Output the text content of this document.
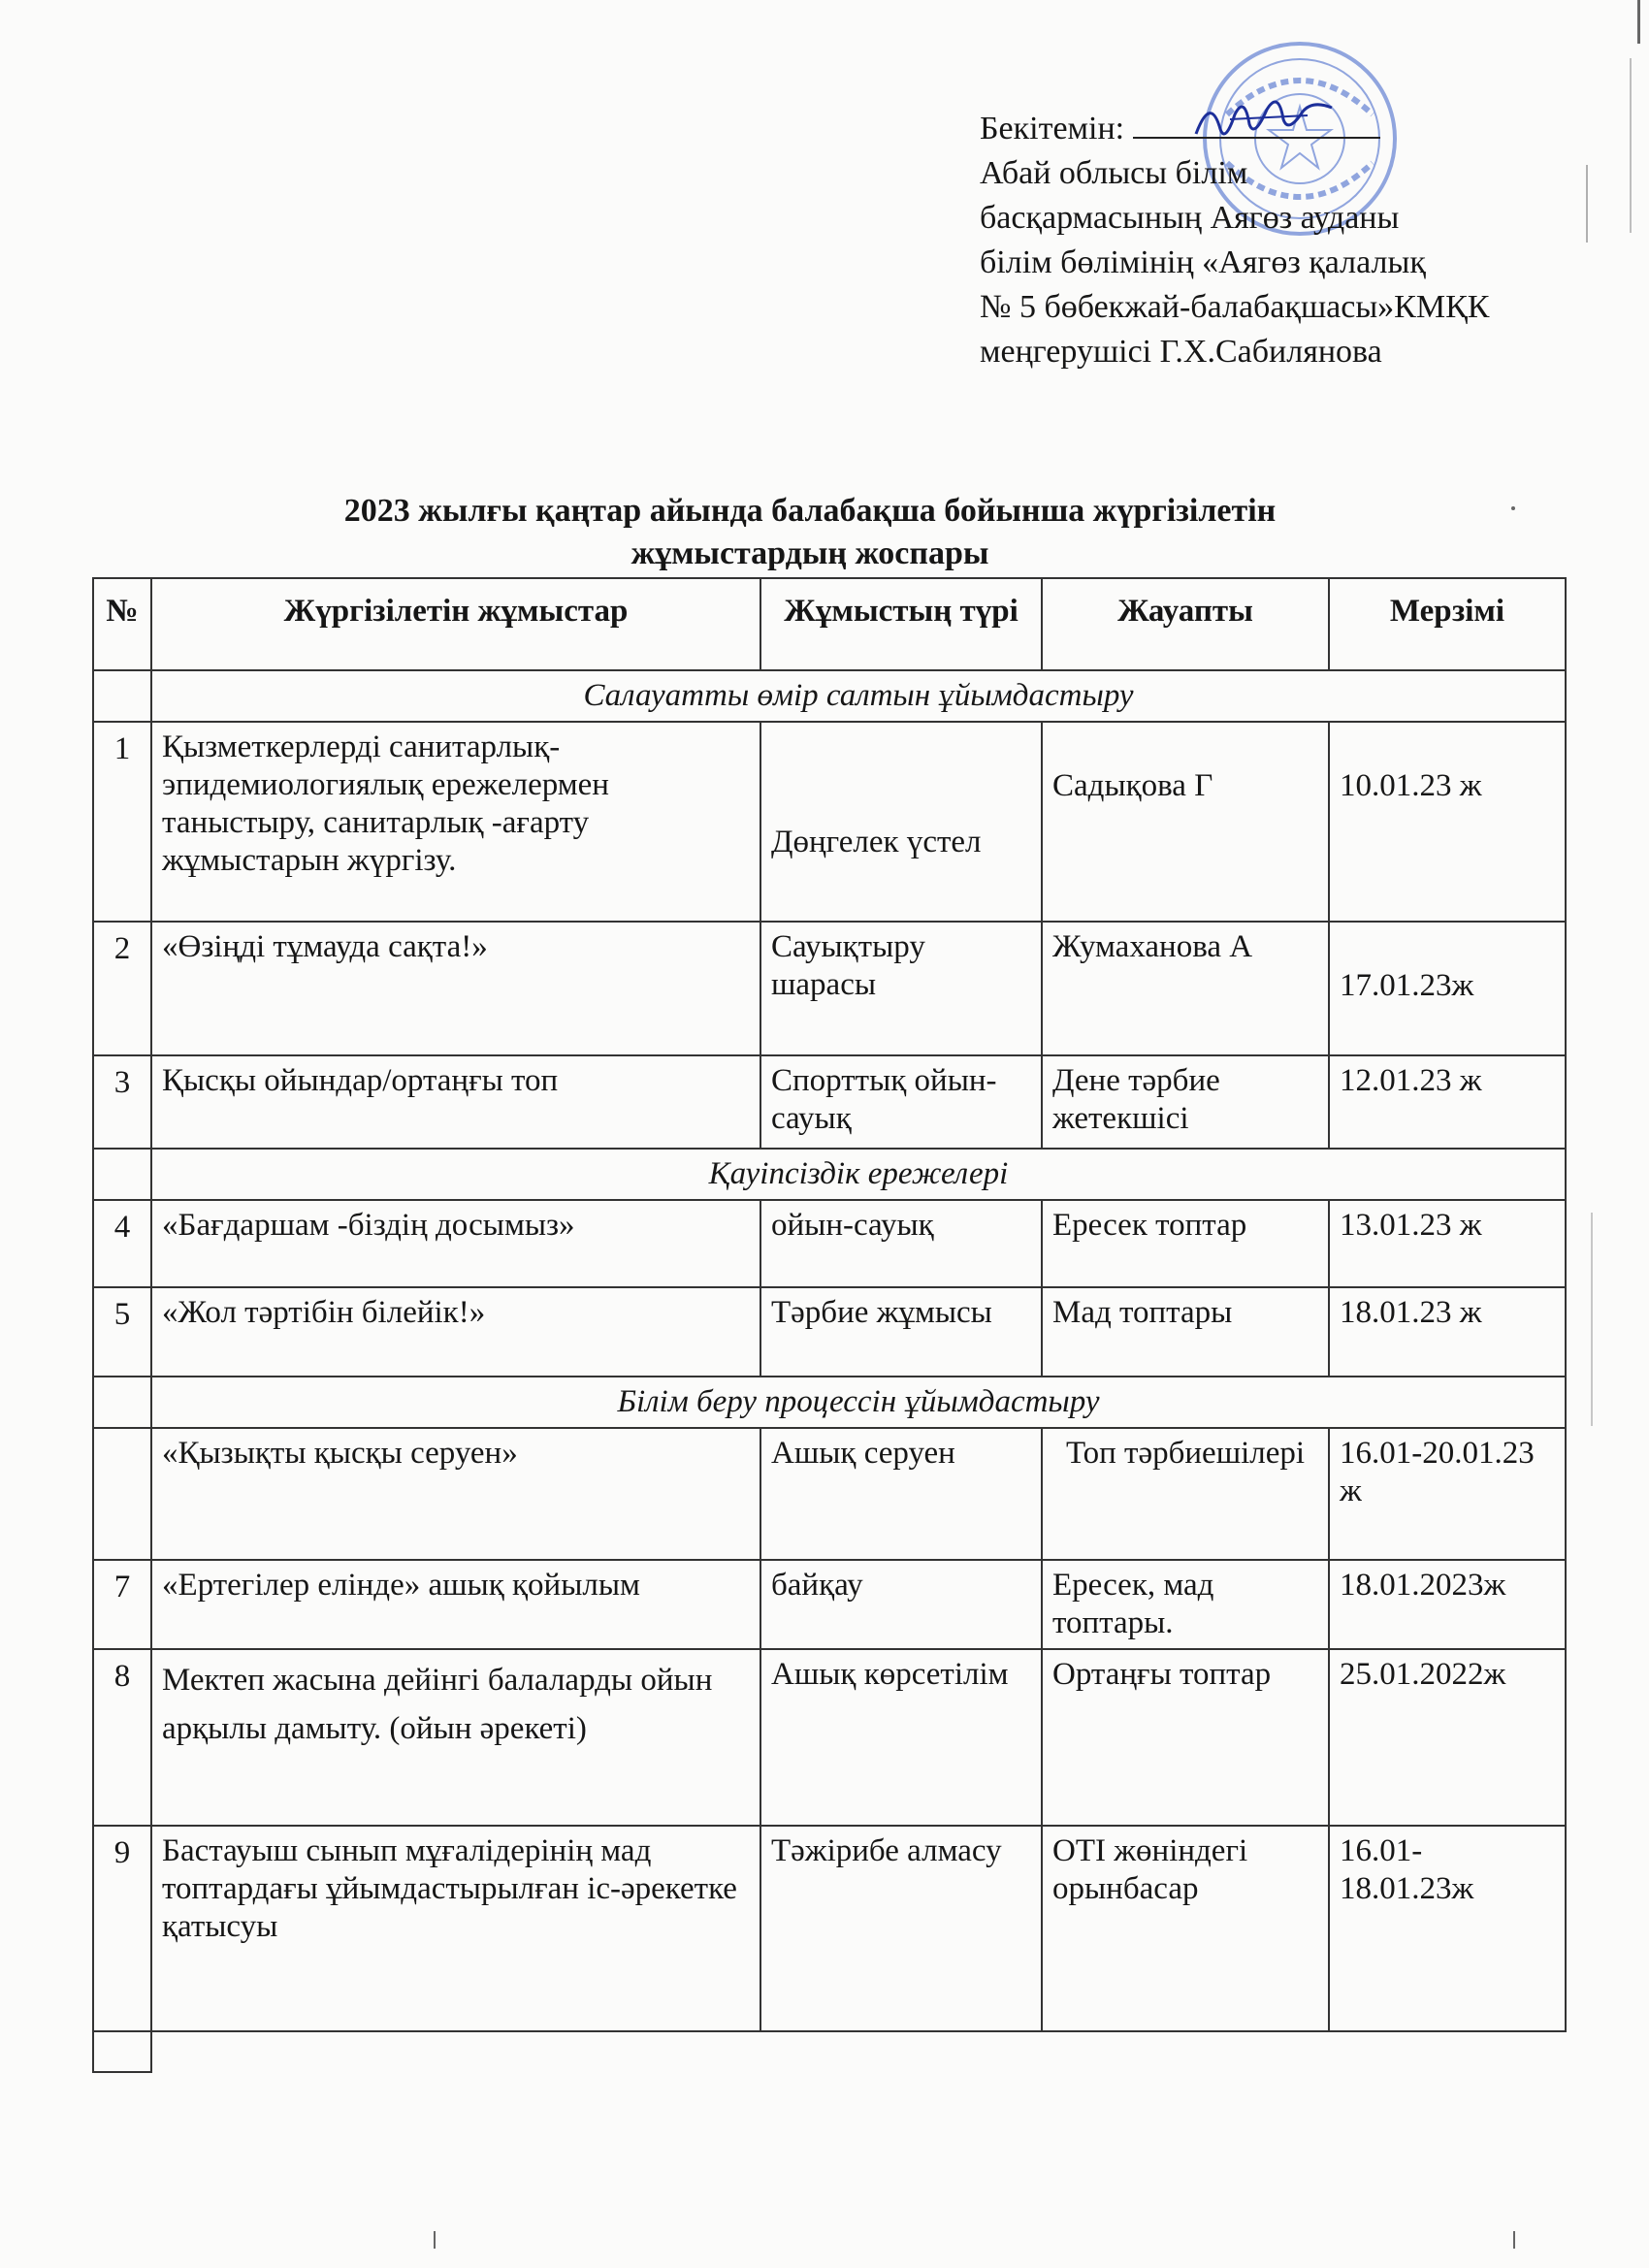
Бекітемін:
Абай облысы білім
басқармасының Аягөз ауданы
білім бөлімінің «Аягөз қалалық
№ 5 бөбекжай-балабақшасы»КМҚК
меңгерушісі Г.Х.Сабилянова
2023 жылғы қаңтар айында балабақша бойынша жүргізілетін
жұмыстардың жоспары
№	Жүргізілетін жұмыстар	Жұмыстың түрі	Жауапты	Мерзімі
	Салауатты өмір салтын ұйымдастыру			
1	Қызметкерлерді санитарлық-эпидемиологиялық ережелермен таныстыру, санитарлық -ағарту жұмыстарын жүргізу.	Дөңгелек үстел	Садықова Г	10.01.23 ж
2	«Өзіңді тұмауда сақта!»	Сауықтыру шарасы	Жумаханова А	17.01.23ж

3	Қысқы ойындар/ортаңғы топ	Спорттық ойын-сауық	Дене тәрбие жетекшісі	12.01.23 ж
	Қауіпсіздік ережелері			
4	«Бағдаршам -біздің досымыз»	ойын-сауық	Ересек топтар	13.01.23 ж
5	«Жол тәртібін білейік!»	Тәрбие жұмысы	Мад топтары	18.01.23 ж
	Білім беру процессін ұйымдастыру			
	«Қызықты қысқы серуен»	Ашық серуен	Топ тәрбиешілері	16.01-20.01.23 ж
7	«Ертегілер елінде» ашық қойылым	байқау	Ересек, мад топтары.	18.01.2023ж
8	Мектеп жасына дейінгі балаларды ойын арқылы дамыту. (ойын әрекеті)	Ашық көрсетілім	Ортаңғы топтар	25.01.2022ж
9	Бастауыш сынып мұғалідерінің мад топтардағы ұйымдастырылған іс-әрекетке қатысуы	Тәжірибе алмасу	ОТІ жөніндегі орынбасар	16.01-18.01.23ж
